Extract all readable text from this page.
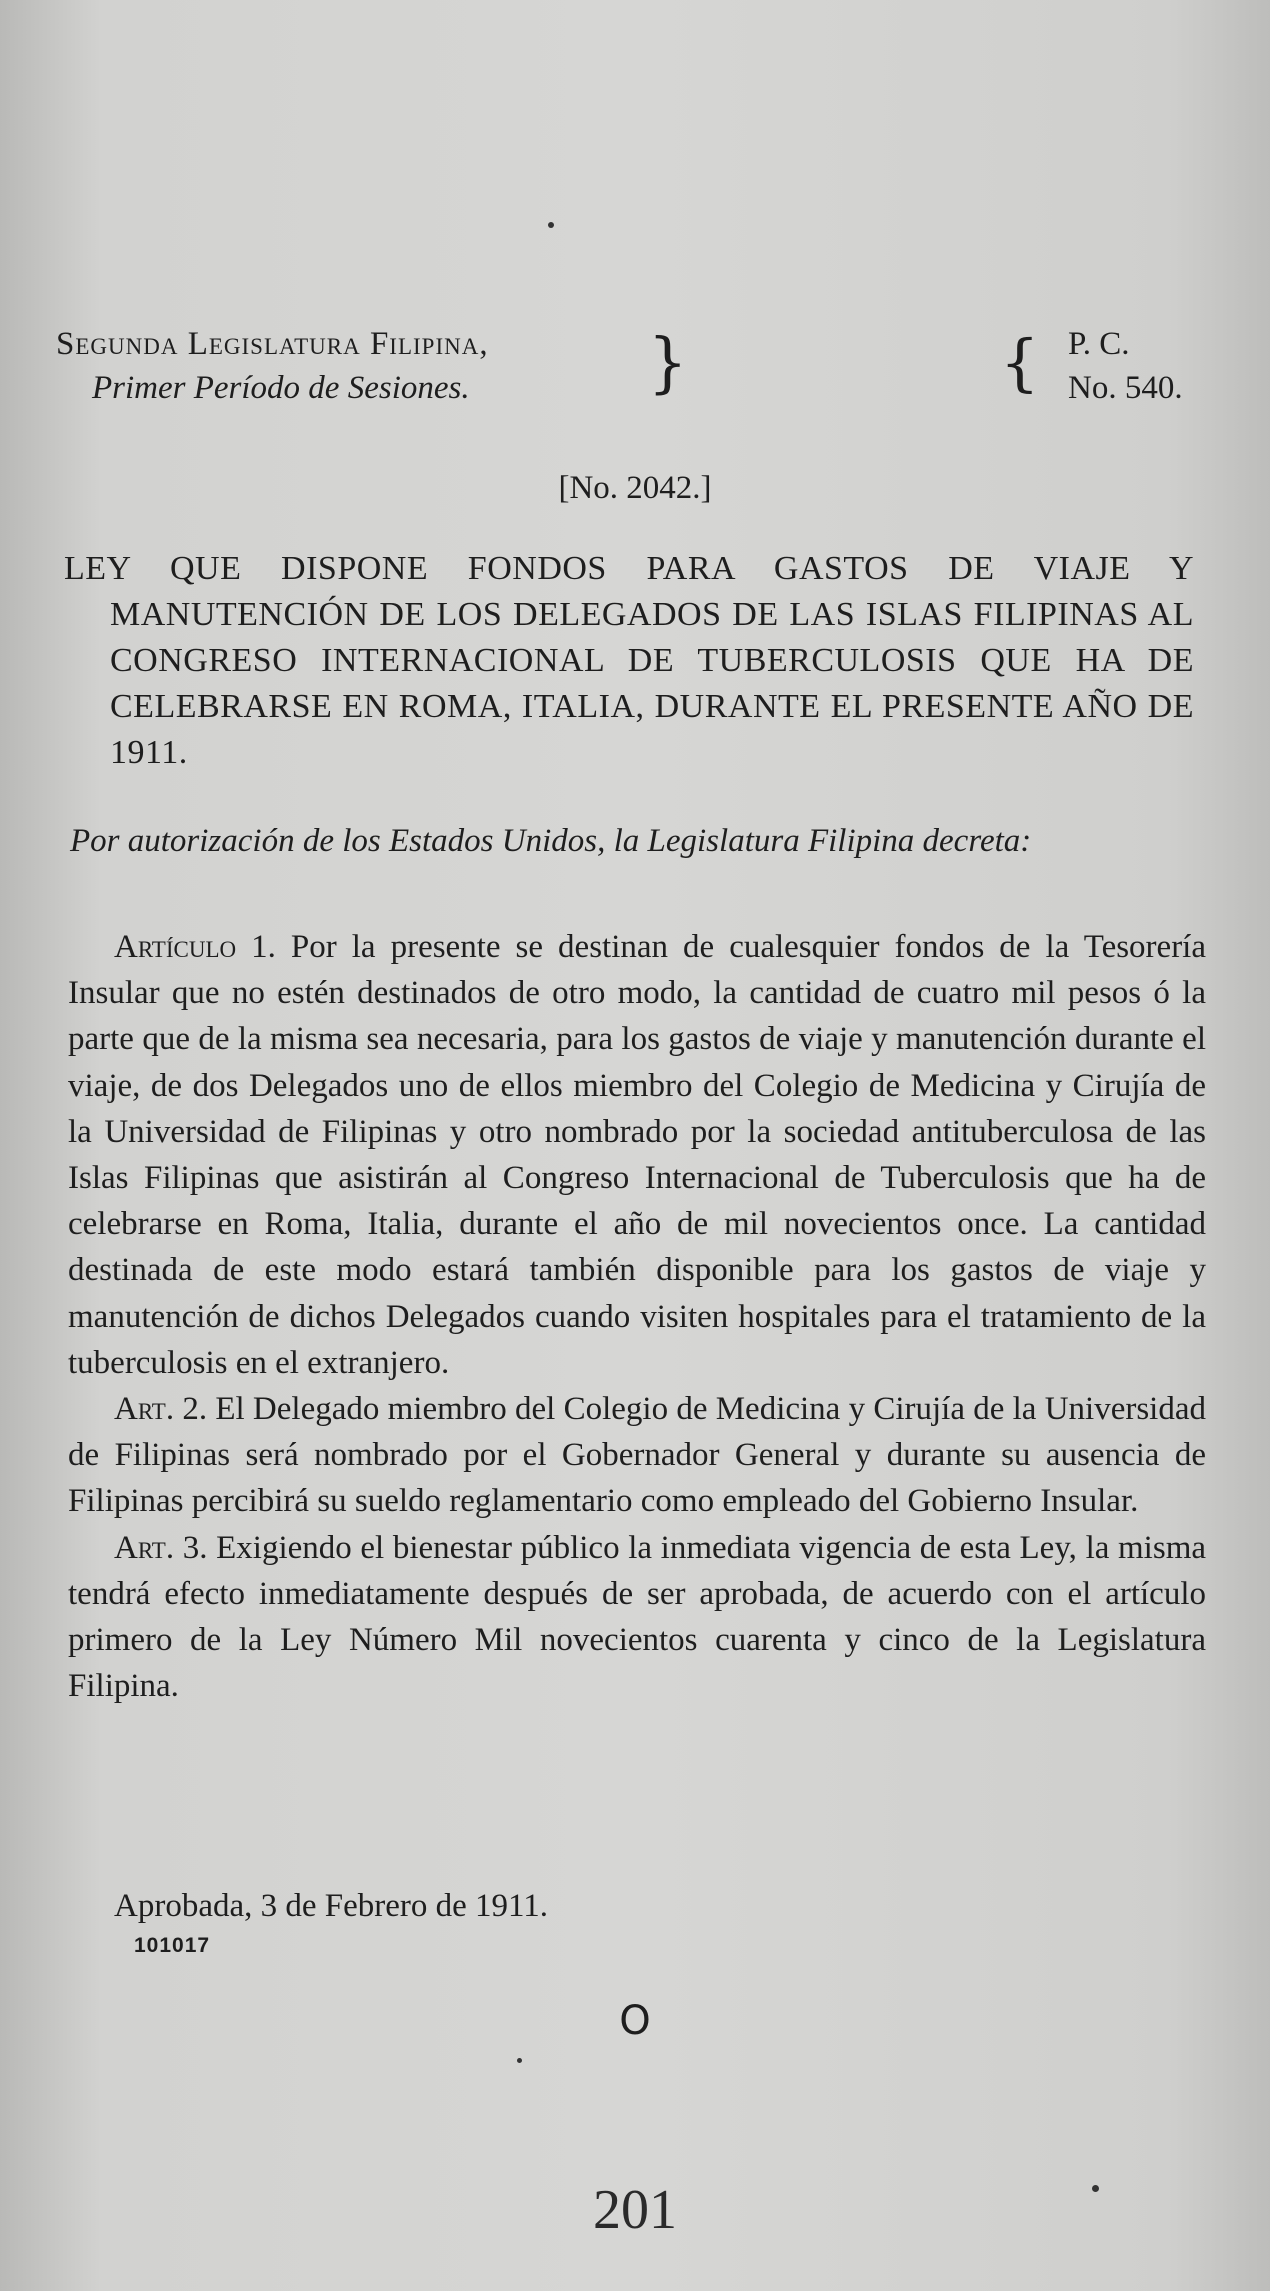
Segunda Legislatura Filipina,
Primer Período de Sesiones.	}	{ P. C.
No. 540.
[No. 2042.]
LEY QUE DISPONE FONDOS PARA GASTOS DE VIAJE Y MANUTENCIÓN DE LOS DELEGADOS DE LAS ISLAS FILIPINAS AL CONGRESO INTERNACIONAL DE TUBERCULOSIS QUE HA DE CELEBRARSE EN ROMA, ITALIA, DURANTE EL PRESENTE AÑO DE 1911.
Por autorización de los Estados Unidos, la Legislatura Filipina decreta:

Artículo 1. Por la presente se destinan de cualesquier fondos de la Tesorería Insular que no estén destinados de otro modo, la cantidad de cuatro mil pesos ó la parte que de la misma sea necesaria, para los gastos de viaje y manutención durante el viaje, de dos Delegados uno de ellos miembro del Colegio de Medicina y Cirujía de la Universidad de Filipinas y otro nombrado por la sociedad antituberculosa de las Islas Filipinas que asistirán al Congreso Internacional de Tuberculosis que ha de celebrarse en Roma, Italia, durante el año de mil novecientos once. La cantidad destinada de este modo estará también disponible para los gastos de viaje y manutención de dichos Delegados cuando visiten hospitales para el tratamiento de la tuberculosis en el extranjero.

Art. 2. El Delegado miembro del Colegio de Medicina y Cirujía de la Universidad de Filipinas será nombrado por el Gobernador General y durante su ausencia de Filipinas percibirá su sueldo reglamentario como empleado del Gobierno Insular.

Art. 3. Exigiendo el bienestar público la inmediata vigencia de esta Ley, la misma tendrá efecto inmediatamente después de ser aprobada, de acuerdo con el artículo primero de la Ley Número Mil novecientos cuarenta y cinco de la Legislatura Filipina.

Aprobada, 3 de Febrero de 1911.
101017
O
201
